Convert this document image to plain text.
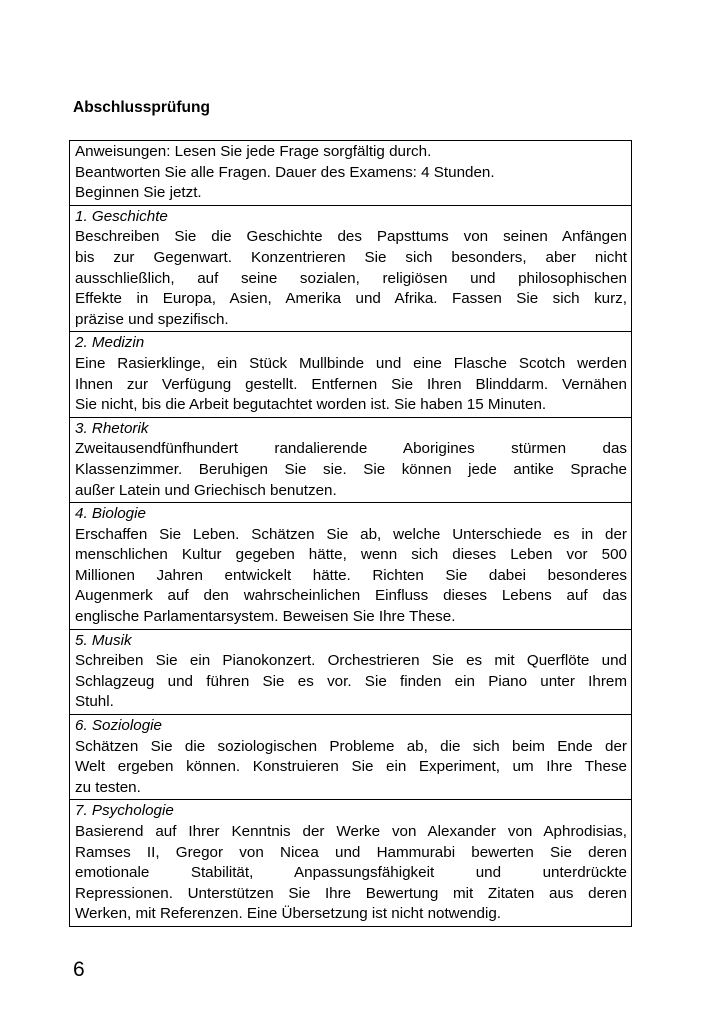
Abschlussprüfung
Anweisungen: Lesen Sie jede Frage sorgfältig durch.
Beantworten Sie alle Fragen. Dauer des Examens: 4 Stunden.
Beginnen Sie jetzt.
1. Geschichte
Beschreiben Sie die Geschichte des Papsttums von seinen Anfängen
bis zur Gegenwart. Konzentrieren Sie sich besonders, aber nicht
ausschließlich, auf seine sozialen, religiösen und philosophischen
Effekte in Europa, Asien, Amerika und Afrika. Fassen Sie sich kurz,
präzise und spezifisch.
2. Medizin
Eine Rasierklinge, ein Stück Mullbinde und eine Flasche Scotch werden
Ihnen zur Verfügung gestellt. Entfernen Sie Ihren Blinddarm. Vernähen
Sie nicht, bis die Arbeit begutachtet worden ist. Sie haben 15 Minuten.
3. Rhetorik
Zweitausendfünfhundert randalierende Aborigines stürmen das
Klassenzimmer. Beruhigen Sie sie. Sie können jede antike Sprache
außer Latein und Griechisch benutzen.
4. Biologie
Erschaffen Sie Leben. Schätzen Sie ab, welche Unterschiede es in der
menschlichen Kultur gegeben hätte, wenn sich dieses Leben vor 500
Millionen Jahren entwickelt hätte. Richten Sie dabei besonderes
Augenmerk auf den wahrscheinlichen Einfluss dieses Lebens auf das
englische Parlamentarsystem. Beweisen Sie Ihre These.
5. Musik
Schreiben Sie ein Pianokonzert. Orchestrieren Sie es mit Querflöte und
Schlagzeug und führen Sie es vor. Sie finden ein Piano unter Ihrem
Stuhl.
6. Soziologie
Schätzen Sie die soziologischen Probleme ab, die sich beim Ende der
Welt ergeben können. Konstruieren Sie ein Experiment, um Ihre These
zu testen.
7. Psychologie
Basierend auf Ihrer Kenntnis der Werke von Alexander von Aphrodisias,
Ramses II, Gregor von Nicea und Hammurabi bewerten Sie deren
emotionale Stabilität, Anpassungsfähigkeit und unterdrückte
Repressionen. Unterstützen Sie Ihre Bewertung mit Zitaten aus deren
Werken, mit Referenzen. Eine Übersetzung ist nicht notwendig.
6
